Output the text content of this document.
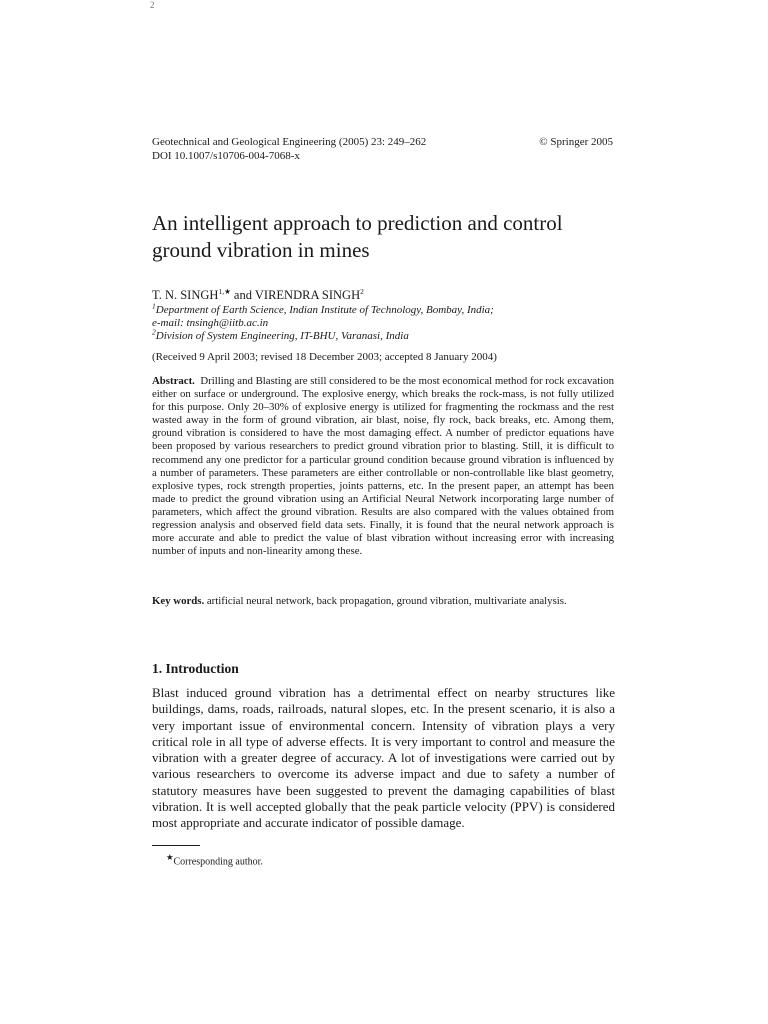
2
Geotechnical and Geological Engineering (2005) 23: 249–262
DOI 10.1007/s10706-004-7068-x
© Springer 2005
An intelligent approach to prediction and control ground vibration in mines
T. N. $SINGH^{1,★}$ and VIRENDRA SINGH$^2$
$^1$Department of Earth Science, Indian Institute of Technology, Bombay, India;
e-mail: tnsingh@iitb.ac.in
$^2$Division of System Engineering, IT-BHU, Varanasi, India
(Received 9 April 2003; revised 18 December 2003; accepted 8 January 2004)

Abstract. Drilling and Blasting are still considered to be the most economical method for rock excavation either on surface or underground. The explosive energy, which breaks the rock-mass, is not fully utilized for this purpose. Only 20–30% of explosive energy is utilized for fragmenting the rockmass and the rest wasted away in the form of ground vibration, air blast, noise, fly rock, back breaks, etc. Among them, ground vibration is considered to have the most damaging effect. A number of predictor equations have been proposed by various researchers to predict ground vibration prior to blasting. Still, it is difficult to recommend any one predictor for a particular ground condition because ground vibration is influenced by a number of parameters. These parameters are either controllable or non-controllable like blast geometry, explosive types, rock strength properties, joints patterns, etc. In the present paper, an attempt has been made to predict the ground vibration using an Artificial Neural Network incorporating large number of parameters, which affect the ground vibration. Results are also compared with the values obtained from regression analysis and observed field data sets. Finally, it is found that the neural network approach is more accurate and able to predict the value of blast vibration without increasing error with increasing number of inputs and non-linearity among these.

Key words. artificial neural network, back propagation, ground vibration, multivariate analysis.

1. Introduction

Blast induced ground vibration has a detrimental effect on nearby structures like buildings, dams, roads, railroads, natural slopes, etc. In the present scenario, it is also a very important issue of environmental concern. Intensity of vibration plays a very critical role in all type of adverse effects. It is very important to control and measure the vibration with a greater degree of accuracy. A lot of investigations were carried out by various researchers to overcome its adverse impact and due to safety a number of statutory measures have been suggested to prevent the damaging capabilities of blast vibration. It is well accepted globally that the peak particle velocity (PPV) is considered most appropriate and accurate indicator of possible damage.

★Corresponding author.
